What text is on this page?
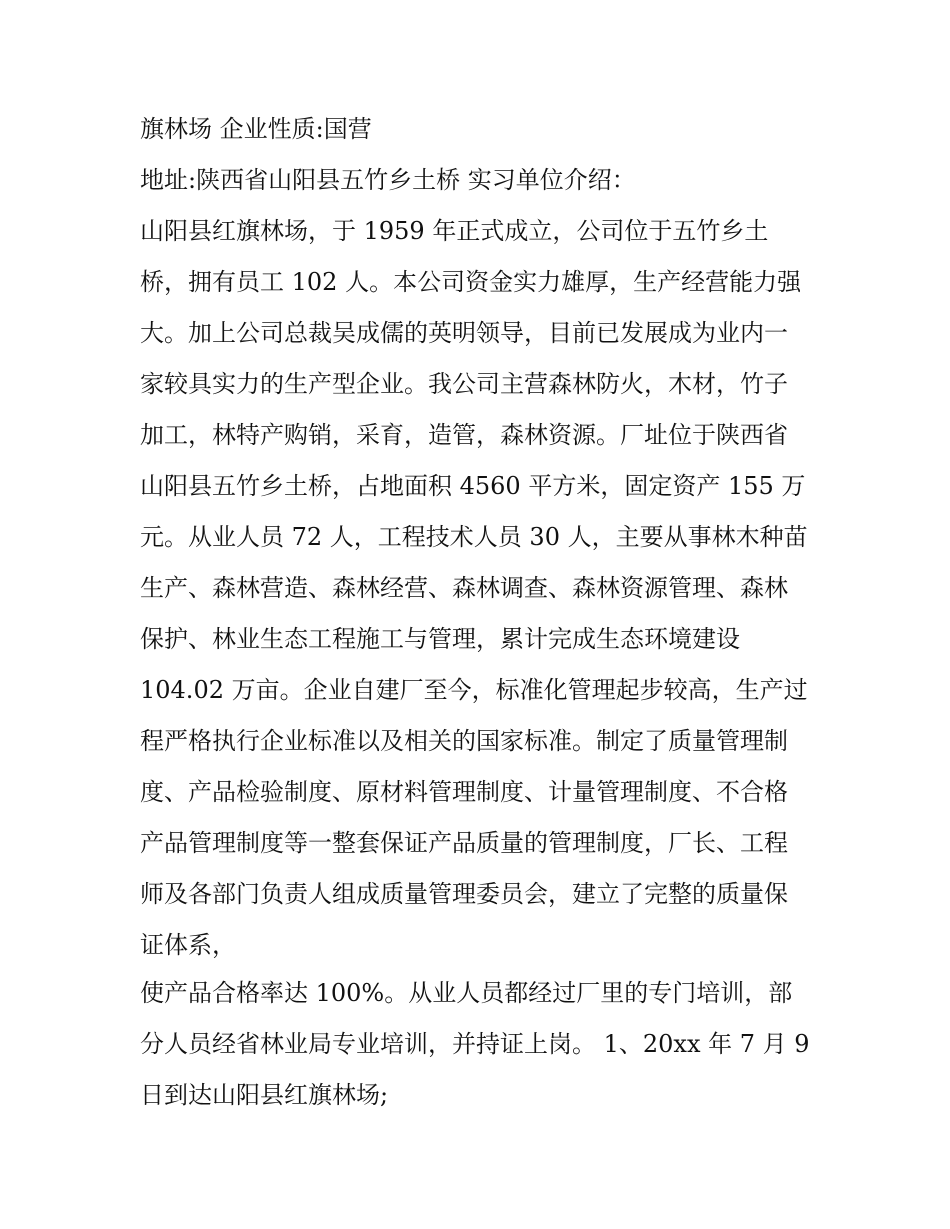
旗林场 企业性质:国营

地址:陕西省山阳县五竹乡土桥 实习单位介绍：

山阳县红旗林场，于 1959 年正式成立，公司位于五竹乡土

桥，拥有员工 102 人。本公司资金实力雄厚，生产经营能力强

大。加上公司总裁吴成儒的英明领导，目前已发展成为业内一

家较具实力的生产型企业。我公司主营森林防火，木材，竹子

加工，林特产购销，采育，造管，森林资源。厂址位于陕西省

山阳县五竹乡土桥，占地面积 4560 平方米，固定资产 155 万

元。从业人员 72 人，工程技术人员 30 人，主要从事林木种苗

生产、森林营造、森林经营、森林调查、森林资源管理、森林

保护、林业生态工程施工与管理，累计完成生态环境建设

104.02 万亩。企业自建厂至今，标准化管理起步较高，生产过

程严格执行企业标准以及相关的国家标准。制定了质量管理制

度、产品检验制度、原材料管理制度、计量管理制度、不合格

产品管理制度等一整套保证产品质量的管理制度，厂长、工程

师及各部门负责人组成质量管理委员会，建立了完整的质量保

证体系，

使产品合格率达 100%。从业人员都经过厂里的专门培训，部

分人员经省林业局专业培训，并持证上岗。 1、20xx 年 7 月 9

日到达山阳县红旗林场;
